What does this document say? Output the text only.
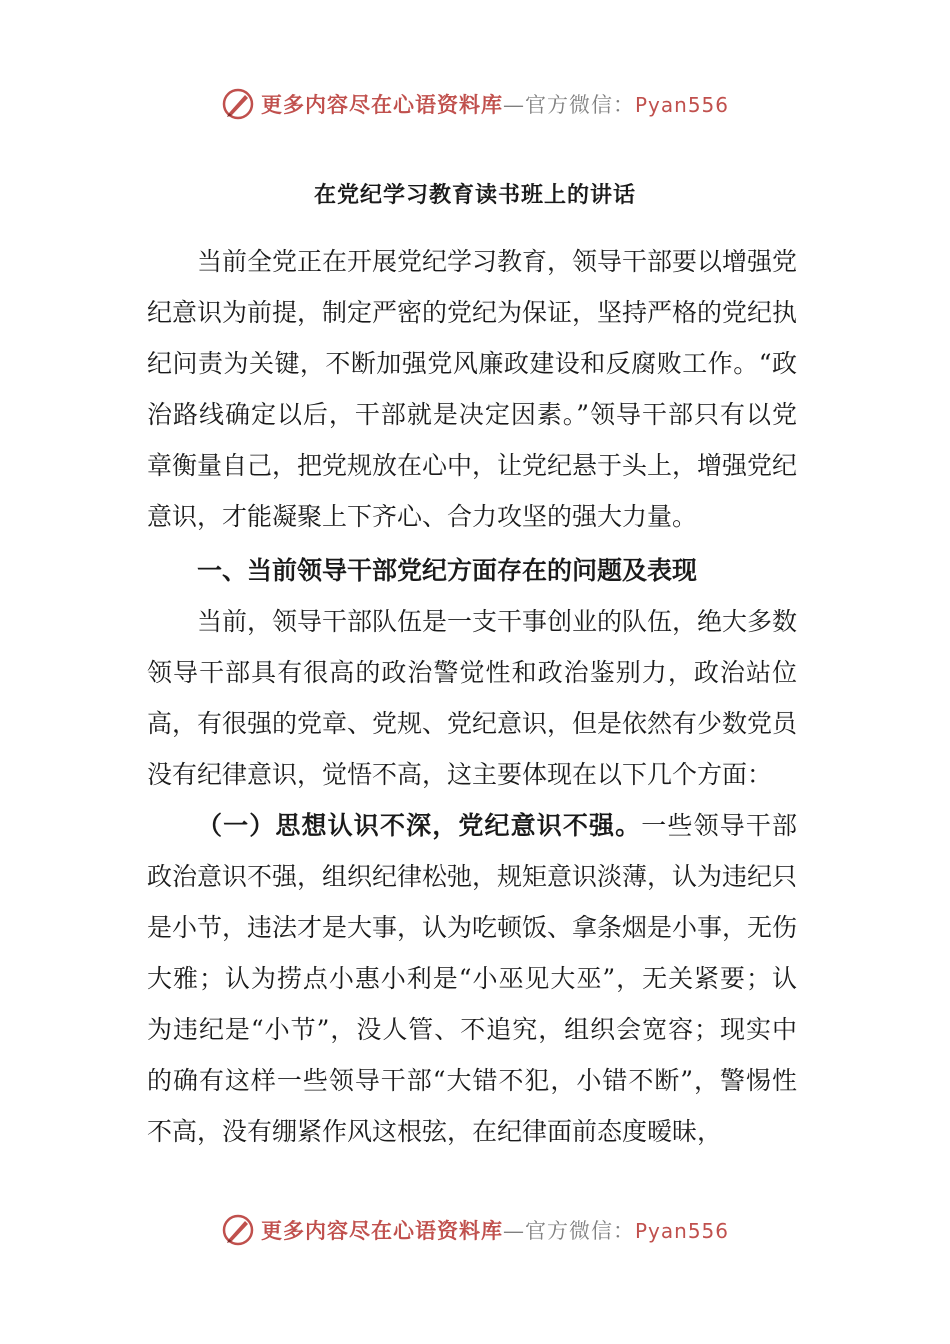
更多内容尽在心语资料库—官方微信：Pyan556
在党纪学习教育读书班上的讲话

当前全党正在开展党纪学习教育，领导干部要以增强党纪意识为前提，制定严密的党纪为保证，坚持严格的党纪执纪问责为关键，不断加强党风廉政建设和反腐败工作。“政治路线确定以后，干部就是决定因素。”领导干部只有以党章衡量自己，把党规放在心中，让党纪悬于头上，增强党纪意识，才能凝聚上下齐心、合力攻坚的强大力量。

一、当前领导干部党纪方面存在的问题及表现

当前，领导干部队伍是一支干事创业的队伍，绝大多数领导干部具有很高的政治警觉性和政治鉴别力，政治站位高，有很强的党章、党规、党纪意识，但是依然有少数党员没有纪律意识，觉悟不高，这主要体现在以下几个方面：

（一）思想认识不深，党纪意识不强。一些领导干部政治意识不强，组织纪律松弛，规矩意识淡薄，认为违纪只是小节，违法才是大事，认为吃顿饭、拿条烟是小事，无伤大雅；认为捞点小惠小利是“小巫见大巫”，无关紧要；认为违纪是“小节”，没人管、不追究，组织会宽容；现实中的确有这样一些领导干部“大错不犯，小错不断”，警惕性不高，没有绷紧作风这根弦，在纪律面前态度暧昧，

更多内容尽在心语资料库—官方微信：Pyan556
